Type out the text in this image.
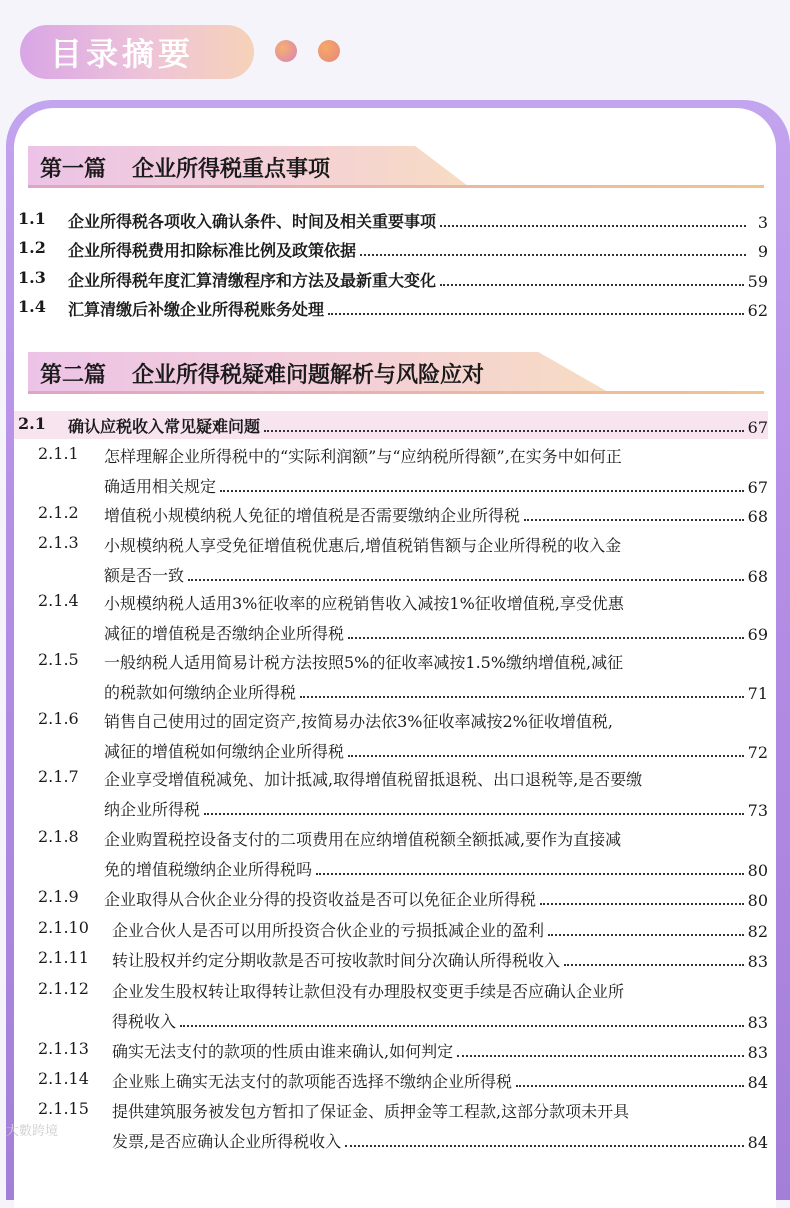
目录摘要
第一篇 企业所得税重点事项
第二篇 企业所得税疑难问题解析与风险应对
1.1 企业所得税各项收入确认条件、时间及相关重要事项	3
1.2 企业所得税费用扣除标准比例及政策依据	9
1.3 企业所得税年度汇算清缴程序和方法及最新重大变化	59
1.4 汇算清缴后补缴企业所得税账务处理	62
2.1 确认应税收入常见疑难问题	67
2.1.1 怎样理解企业所得税中的“实际利润额”与“应纳税所得额”,在实务中如何正
确适用相关规定	67
2.1.2 增值税小规模纳税人免征的增值税是否需要缴纳企业所得税	68
2.1.3 小规模纳税人享受免征增值税优惠后,增值税销售额与企业所得税的收入金
额是否一致	68
2.1.4 小规模纳税人适用3%征收率的应税销售收入减按1%征收增值税,享受优惠
减征的增值税是否缴纳企业所得税	69
2.1.5 一般纳税人适用简易计税方法按照5%的征收率减按1.5%缴纳增值税,减征
的税款如何缴纳企业所得税	71
2.1.6 销售自己使用过的固定资产,按简易办法依3%征收率减按2%征收增值税,
减征的增值税如何缴纳企业所得税	72
2.1.7 企业享受增值税减免、加计抵减,取得增值税留抵退税、出口退税等,是否要缴
纳企业所得税	73
2.1.8 企业购置税控设备支付的二项费用在应纳增值税额全额抵减,要作为直接减
免的增值税缴纳企业所得税吗	80
2.1.9 企业取得从合伙企业分得的投资收益是否可以免征企业所得税	80
2.1.10 企业合伙人是否可以用所投资合伙企业的亏损抵减企业的盈利	82
2.1.11 转让股权并约定分期收款是否可按收款时间分次确认所得税收入	83
2.1.12 企业发生股权转让取得转让款但没有办理股权变更手续是否应确认企业所
得税收入	83
2.1.13 确实无法支付的款项的性质由谁来确认,如何判定	83
2.1.14 企业账上确实无法支付的款项能否选择不缴纳企业所得税	84
2.1.15 提供建筑服务被发包方暂扣了保证金、质押金等工程款,这部分款项未开具
发票,是否应确认企业所得税收入	84
大數跨境
